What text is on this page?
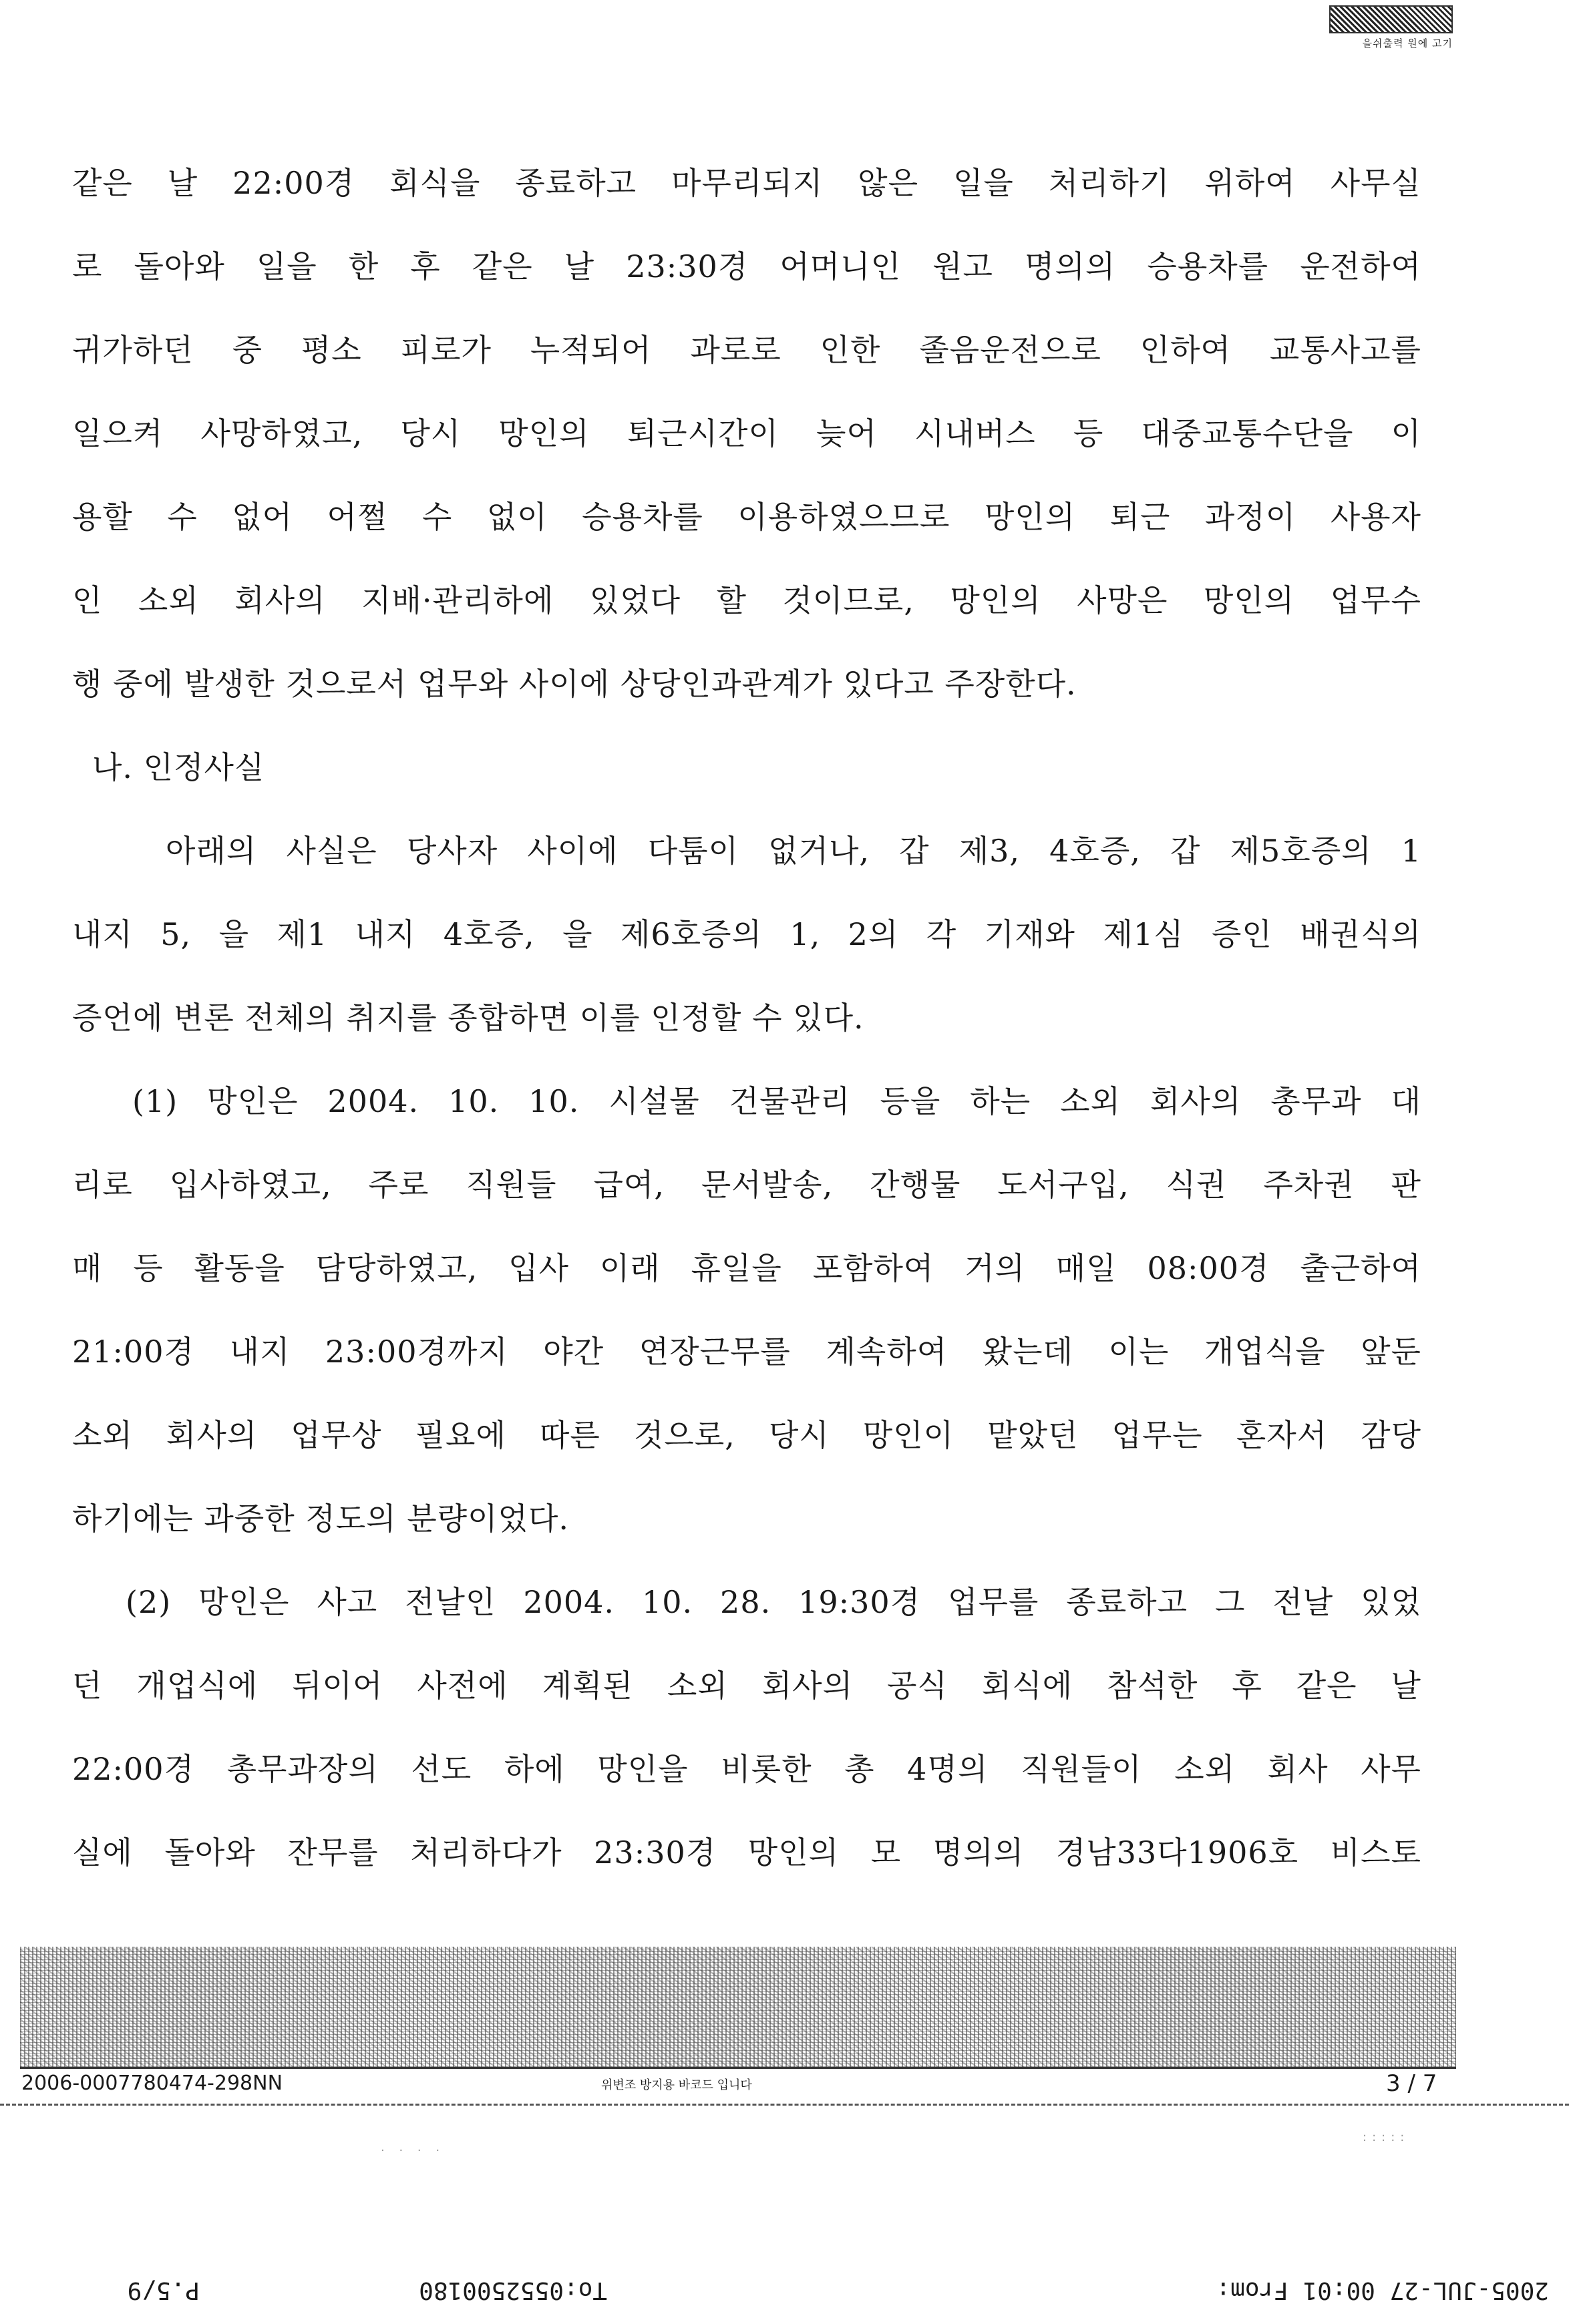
을쉬출력 원에 고기
같은 날 22:00경 회식을 종료하고 마무리되지 않은 일을 처리하기 위하여 사무실
로 돌아와 일을 한 후 같은 날 23:30경 어머니인 원고 명의의 승용차를 운전하여
귀가하던 중 평소 피로가 누적되어 과로로 인한 졸음운전으로 인하여 교통사고를
일으켜 사망하였고, 당시 망인의 퇴근시간이 늦어 시내버스 등 대중교통수단을 이
용할 수 없어 어쩔 수 없이 승용차를 이용하였으므로 망인의 퇴근 과정이 사용자
인 소외 회사의 지배·관리하에 있었다 할 것이므로, 망인의 사망은 망인의 업무수
행 중에 발생한 것으로서 업무와 사이에 상당인과관계가 있다고 주장한다.
나. 인정사실
아래의 사실은 당사자 사이에 다툼이 없거나, 갑 제3, 4호증, 갑 제5호증의 1
내지 5, 을 제1 내지 4호증, 을 제6호증의 1, 2의 각 기재와 제1심 증인 배권식의
증언에 변론 전체의 취지를 종합하면 이를 인정할 수 있다.
(1) 망인은 2004. 10. 10. 시설물 건물관리 등을 하는 소외 회사의 총무과 대
리로 입사하였고, 주로 직원들 급여, 문서발송, 간행물 도서구입, 식권 주차권 판
매 등 활동을 담당하였고, 입사 이래 휴일을 포함하여 거의 매일 08:00경 출근하여
21:00경 내지 23:00경까지 야간 연장근무를 계속하여 왔는데 이는 개업식을 앞둔
소외 회사의 업무상 필요에 따른 것으로, 당시 망인이 맡았던 업무는 혼자서 감당
하기에는 과중한 정도의 분량이었다.
(2) 망인은 사고 전날인 2004. 10. 28. 19:30경 업무를 종료하고 그 전날 있었
던 개업식에 뒤이어 사전에 계획된 소외 회사의 공식 회식에 참석한 후 같은 날
22:00경 총무과장의 선도 하에 망인을 비롯한 총 4명의 직원들이 소외 회사 사무
실에 돌아와 잔무를 처리하다가 23:30경 망인의 모 명의의 경남33다1906호 비스토
2006-0007780474-298NN	위변조 방지용 바코드 입니다	3 / 7
. . . .
:::::
2005-JUL-27 00:01 From:
To:0552500180
P.5/9
